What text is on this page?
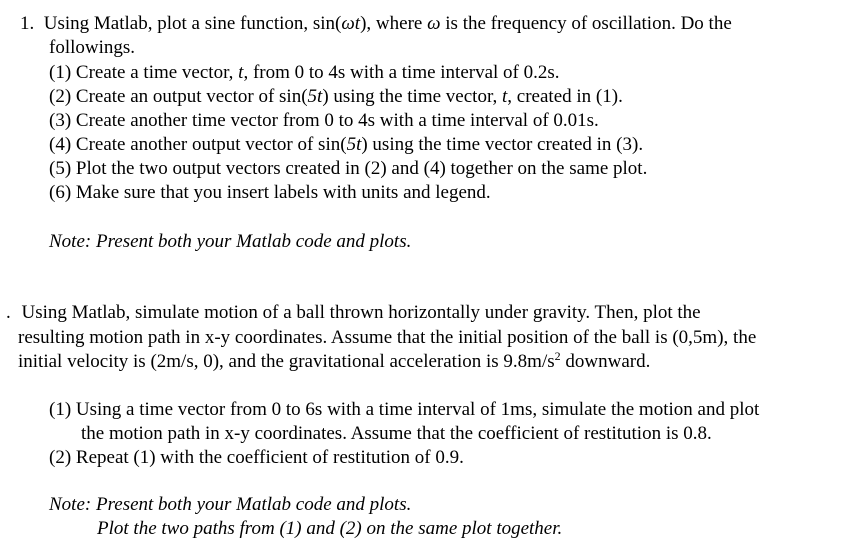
1. Using Matlab, plot a sine function, sin(ωt), where ω is the frequency of oscillation. Do the
followings.
(1) Create a time vector, t, from 0 to 4s with a time interval of 0.2s.
(2) Create an output vector of sin(5t) using the time vector, t, created in (1).
(3) Create another time vector from 0 to 4s with a time interval of 0.01s.
(4) Create another output vector of sin(5t) using the time vector created in (3).
(5) Plot the two output vectors created in (2) and (4) together on the same plot.
(6) Make sure that you insert labels with units and legend.
Note: Present both your Matlab code and plots.
. Using Matlab, simulate motion of a ball thrown horizontally under gravity. Then, plot the
resulting motion path in x-y coordinates. Assume that the initial position of the ball is (0,5m), the
initial velocity is (2m/s, 0), and the gravitational acceleration is $9.8m/s^2$ downward.
(1) Using a time vector from 0 to 6s with a time interval of 1ms, simulate the motion and plot
the motion path in x-y coordinates. Assume that the coefficient of restitution is 0.8.
(2) Repeat (1) with the coefficient of restitution of 0.9.
Note: Present both your Matlab code and plots.
Plot the two paths from (1) and (2) on the same plot together.
